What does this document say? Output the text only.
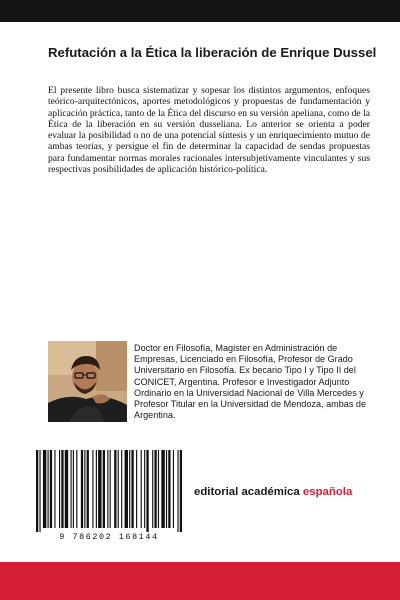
Refutación a la Ética la liberación de Enrique Dussel

El presente libro busca sistematizar y sopesar los distintos argumentos, enfoques teórico-arquitectónicos, aportes metodológicos y propuestas de fundamentación y aplicación práctica, tanto de la Ética del discurso en su versión apeliana, como de la Ética de la liberación en su versión dusseliana. Lo anterior se orienta a poder evaluar la posibilidad o no de una potencial síntesis y un enriquecimiento mutuo de ambas teorías, y persigue el fin de determinar la capacidad de sendas propuestas para fundamentar normas morales racionales intersubjetivamente vinculantes y sus respectivas posibilidades de aplicación histórico-política.

Doctor en Filosofía, Magister en Administración de Empresas, Licenciado en Filosofía, Profesor de Grado Universitario en Filosofía. Ex becario Tipo I y Tipo II del CONICET, Argentina. Profesor e Investigador Adjunto Ordinario en la Universidad Nacional de Villa Mercedes y Profesor Titular en la Universidad de Mendoza, ambas de Argentina.

9 786202 168144
editorial académica española
